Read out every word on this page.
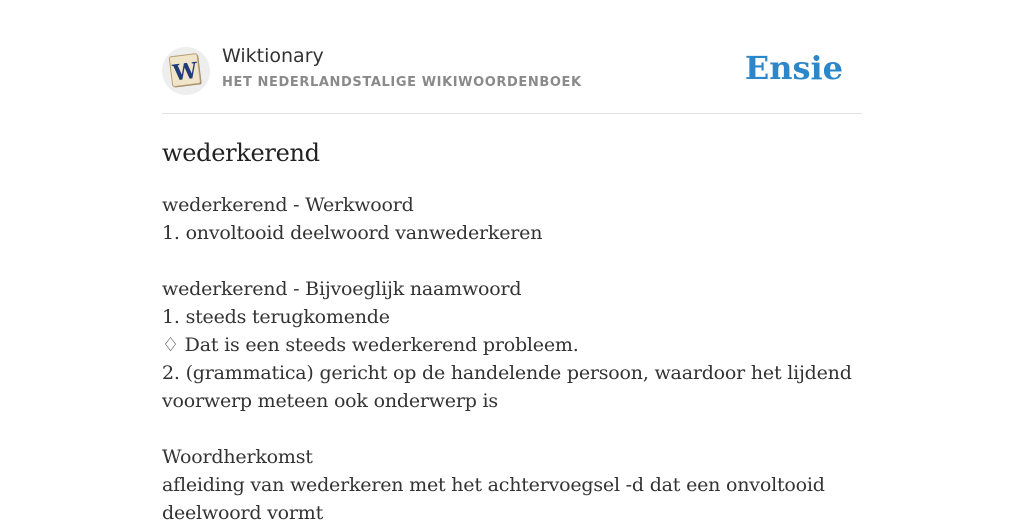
W
Wiktionary
HET NEDERLANDSTALIGE WIKIWOORDENBOEK	Ensie
wederkerend
wederkerend - Werkwoord
1. onvoltooid deelwoord vanwederkeren
wederkerend - Bijvoeglijk naamwoord
1. steeds terugkomende
♢ Dat is een steeds wederkerend probleem.
2. (grammatica) gericht op de handelende persoon, waardoor het lijdend
voorwerp meteen ook onderwerp is
Woordherkomst
afleiding van wederkeren met het achtervoegsel -d dat een onvoltooid
deelwoord vormt
